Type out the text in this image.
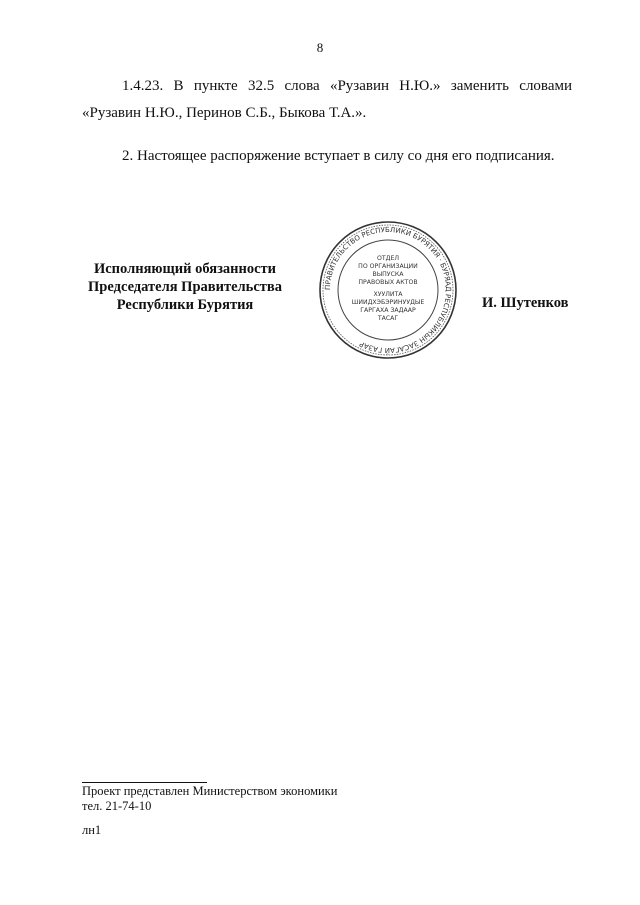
8

1.4.23. В пункте 32.5 слова «Рузавин Н.Ю.» заменить словами «Рузавин Н.Ю., Перинов С.Б., Быкова Т.А.».

2. Настоящее распоряжение вступает в силу со дня его подписания.

Исполняющий обязанности
Председателя Правительства
Республики Бурятия
ПРАВИТЕЛЬСТВО РЕСПУБЛИКИ БУРЯТИЯ · БУРЯАД РЕСПУБЛИКЫН ЗАСАГАЙ ГАЗАР
ОТДЕЛ
ПО ОРГАНИЗАЦИИ
ВЫПУСКА
ПРАВОВЫХ АКТОВ
ХУУЛИТА
ШИИДХЭБЭРИНУУДЫЕ
ГАРГАХА ЗАДААР
ТАСАГ
И. Шутенков
Проект представлен Министерством экономики
тел. 21-74-10
лн1
